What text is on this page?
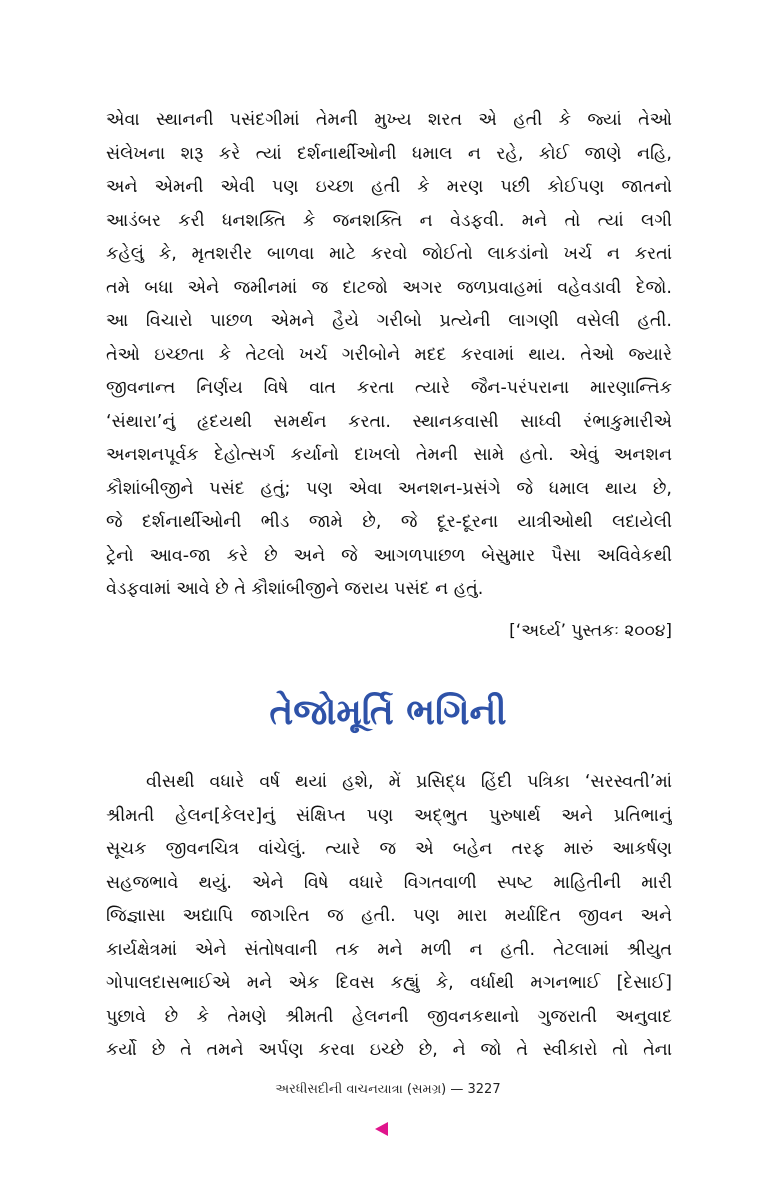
એવા સ્થાનની પસંદગીમાં તેમની મુખ્ય શરત એ હતી કે જ્યાં તેઓ
સંલેખના શરૂ કરે ત્યાં દર્શનાર્થીઓની ધમાલ ન રહે, કોઈ જાણે નહિ,
અને એમની એવી પણ ઇચ્છા હતી કે મરણ પછી કોઈપણ જાતનો
આડંબર કરી ધનશક્તિ કે જનશક્તિ ન વેડફવી. મને તો ત્યાં લગી
કહેલું કે, મૃતશરીર બાળવા માટે કરવો જોઈતો લાકડાંનો ખર્ચ ન કરતાં
તમે બધા એને જમીનમાં જ દાટજો અગર જળપ્રવાહમાં વહેવડાવી દેજો.
આ વિચારો પાછળ એમને હૈયે ગરીબો પ્રત્યેની લાગણી વસેલી હતી.
તેઓ ઇચ્છતા કે તેટલો ખર્ચ ગરીબોને મદદ કરવામાં થાય. તેઓ જ્યારે
જીવનાન્ત નિર્ણય વિષે વાત કરતા ત્યારે જૈન-પરંપરાના મારણાન્તિક
‘સંથારા’નું હૃદયથી સમર્થન કરતા. સ્થાનકવાસી સાધ્વી રંભાકુમારીએ
અનશનપૂર્વક દેહોત્સર્ગ કર્યાનો દાખલો તેમની સામે હતો. એવું અનશન
કૌશાંબીજીને પસંદ હતું; પણ એવા અનશન-પ્રસંગે જે ધમાલ થાય છે,
જે દર્શનાર્થીઓની ભીડ જામે છે, જે દૂર-દૂરના યાત્રીઓથી લદાયેલી
ટ્રેનો આવ-જા કરે છે અને જે આગળપાછળ બેસુમાર પૈસા અવિવેકથી
વેડફવામાં આવે છે તે કૌશાંબીજીને જરાય પસંદ ન હતું.
[‘અર્ઘ્ય’ પુસ્તકઃ ૨૦૦૪]
તેજોમૂર્તિ ભગિની
વીસથી વધારે વર્ષ થયાં હશે, મેં પ્રસિદ્ધ હિંદી પત્રિકા ‘સરસ્વતી’માં
શ્રીમતી હેલન[કેલર]નું સંક્ષિપ્ત પણ અદ્ભુત પુરુષાર્થ અને પ્રતિભાનું
સૂચક જીવનચિત્ર વાંચેલું. ત્યારે જ એ બહેન તરફ મારું આકર્ષણ
સહજભાવે થયું. એને વિષે વધારે વિગતવાળી સ્પષ્ટ માહિતીની મારી
જિજ્ઞાસા અદ્યાપિ જાગરિત જ હતી. પણ મારા મર્યાદિત જીવન અને
કાર્યક્ષેત્રમાં એને સંતોષવાની તક મને મળી ન હતી. તેટલામાં શ્રીયુત
ગોપાલદાસભાઈએ મને એક દિવસ કહ્યું કે, વર્ધાથી મગનભાઈ [દેસાઈ]
પુછાવે છે કે તેમણે શ્રીમતી હેલનની જીવનકથાનો ગુજરાતી અનુવાદ
કર્યો છે તે તમને અર્પણ કરવા ઇચ્છે છે, ને જો તે સ્વીકારો તો તેના
અરધીસદીની વાચનયાત્રા (સમગ્ર) — 3227
